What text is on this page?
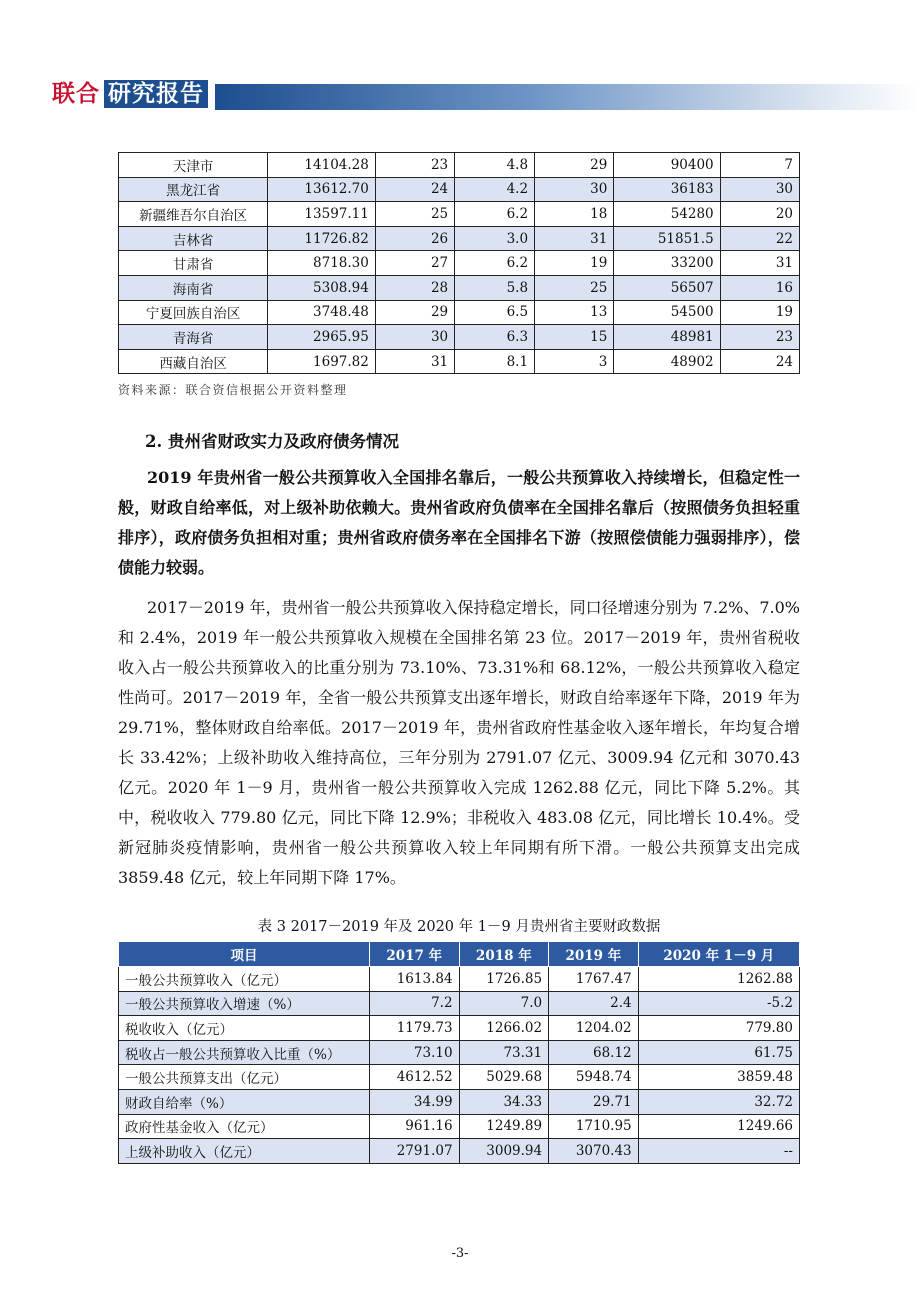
联合 研究报告
天津市	14104.28	23	4.8	29	90400	7
黑龙江省	13612.70	24	4.2	30	36183	30
新疆维吾尔自治区	13597.11	25	6.2	18	54280	20
吉林省	11726.82	26	3.0	31	51851.5	22
甘肃省	8718.30	27	6.2	19	33200	31
海南省	5308.94	28	5.8	25	56507	16
宁夏回族自治区	3748.48	29	6.5	13	54500	19
青海省	2965.95	30	6.3	15	48981	23
西藏自治区	1697.82	31	8.1	3	48902	24
资料来源：联合资信根据公开资料整理
2. 贵州省财政实力及政府债务情况

2019 年贵州省一般公共预算收入全国排名靠后，一般公共预算收入持续增长，但稳定性一般，财政自给率低，对上级补助依赖大。贵州省政府负债率在全国排名靠后（按照债务负担轻重排序），政府债务负担相对重；贵州省政府债务率在全国排名下游（按照偿债能力强弱排序），偿债能力较弱。

2017－2019 年，贵州省一般公共预算收入保持稳定增长，同口径增速分别为 7.2%、7.0%和 2.4%，2019 年一般公共预算收入规模在全国排名第 23 位。2017－2019 年，贵州省税收收入占一般公共预算收入的比重分别为 73.10%、73.31%和 68.12%，一般公共预算收入稳定性尚可。2017－2019 年，全省一般公共预算支出逐年增长，财政自给率逐年下降，2019 年为 29.71%，整体财政自给率低。2017－2019 年，贵州省政府性基金收入逐年增长，年均复合增长 33.42%；上级补助收入维持高位，三年分别为 2791.07 亿元、3009.94 亿元和 3070.43 亿元。2020 年 1－9 月，贵州省一般公共预算收入完成 1262.88 亿元，同比下降 5.2%。其中，税收收入 779.80 亿元，同比下降 12.9%；非税收入 483.08 亿元，同比增长 10.4%。受新冠肺炎疫情影响，贵州省一般公共预算收入较上年同期有所下滑。一般公共预算支出完成 3859.48 亿元，较上年同期下降 17%。

表 3 2017－2019 年及 2020 年 1－9 月贵州省主要财政数据
项目	2017 年	2018 年	2019 年	2020 年 1－9 月
一般公共预算收入（亿元）	1613.84	1726.85	1767.47	1262.88
一般公共预算收入增速（%）	7.2	7.0	2.4	-5.2
税收收入（亿元）	1179.73	1266.02	1204.02	779.80
税收占一般公共预算收入比重（%）	73.10	73.31	68.12	61.75
一般公共预算支出（亿元）	4612.52	5029.68	5948.74	3859.48
财政自给率（%）	34.99	34.33	29.71	32.72
政府性基金收入（亿元）	961.16	1249.89	1710.95	1249.66
上级补助收入（亿元）	2791.07	3009.94	3070.43	--
-3-
